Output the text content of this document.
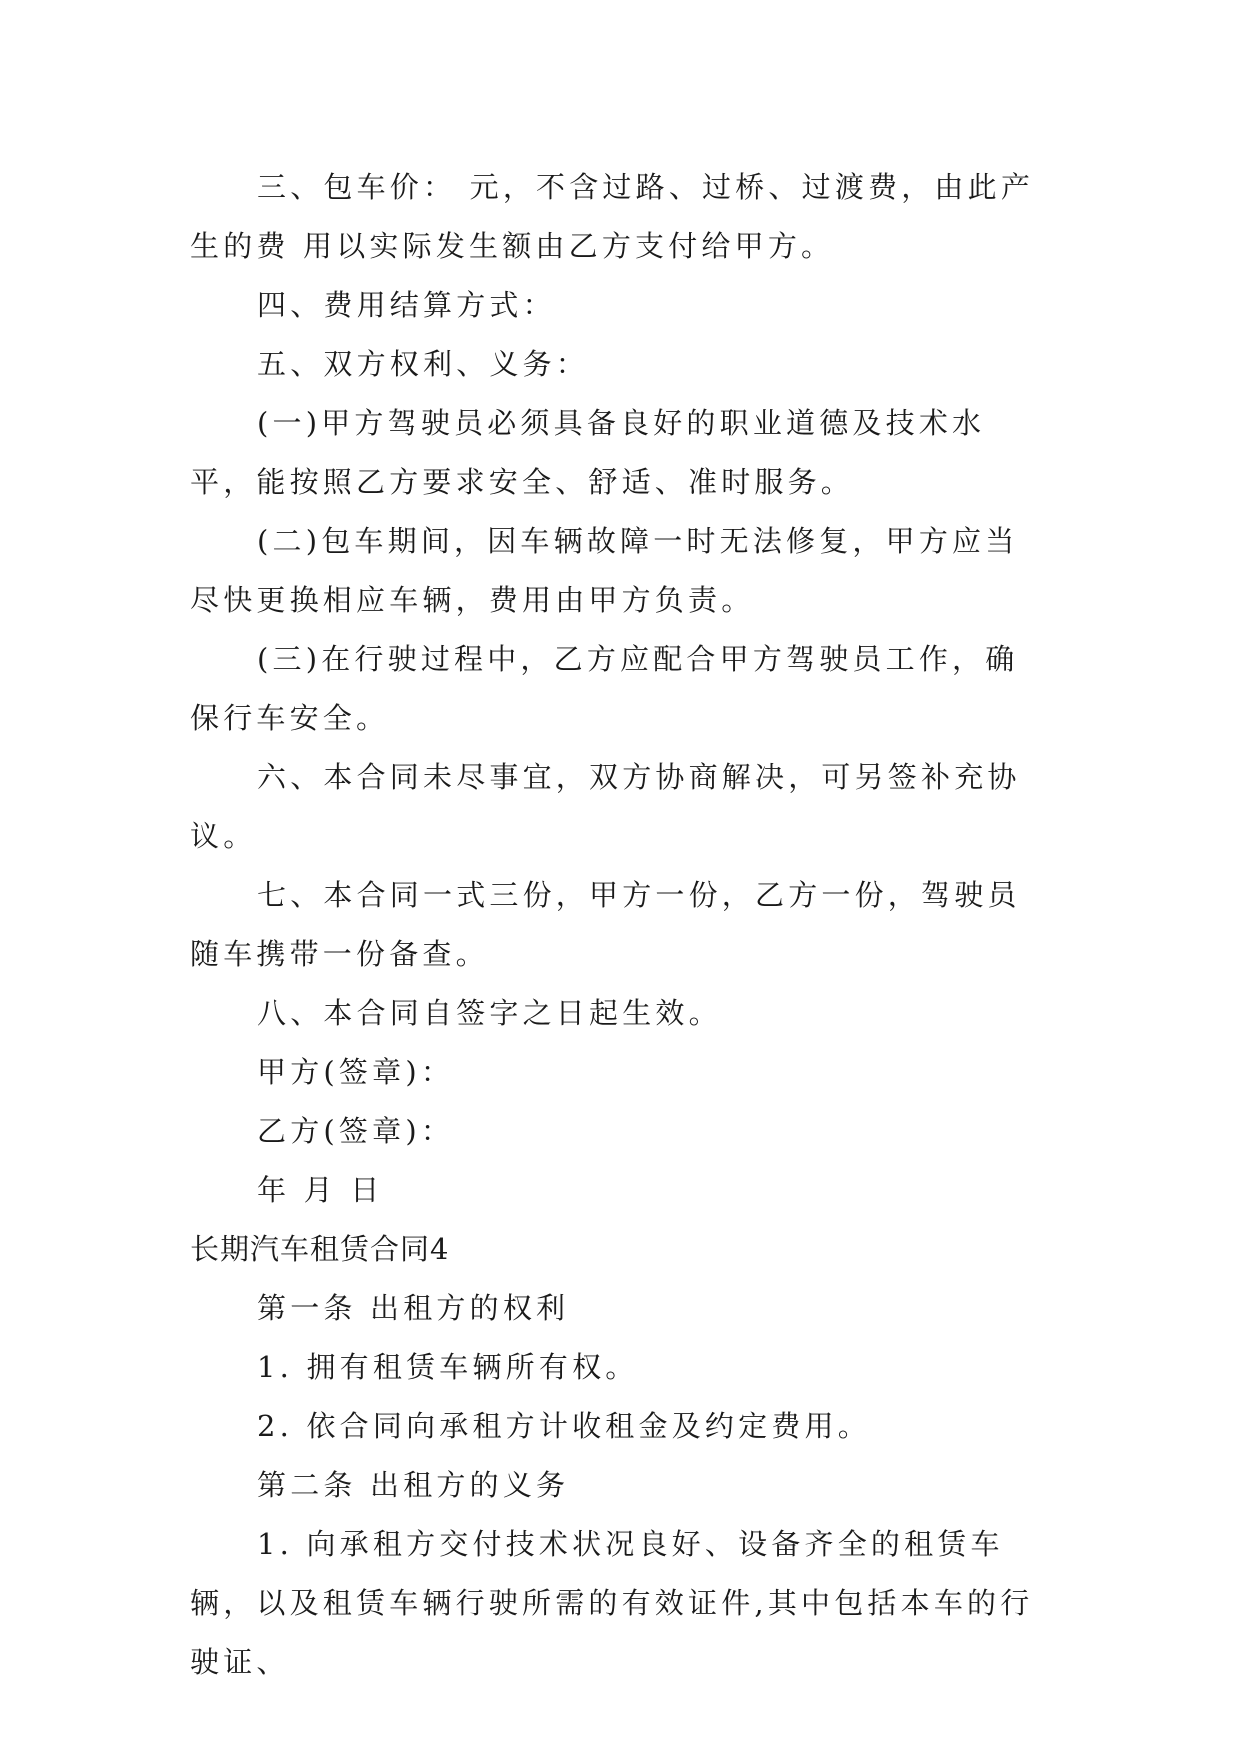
三、包车价： 元，不含过路、过桥、过渡费，由此产生的费 用以实际发生额由乙方支付给甲方。

四、费用结算方式：

五、双方权利、义务：

(一)甲方驾驶员必须具备良好的职业道德及技术水平，能按照乙方要求安全、舒适、准时服务。

(二)包车期间，因车辆故障一时无法修复，甲方应当尽快更换相应车辆，费用由甲方负责。

(三)在行驶过程中，乙方应配合甲方驾驶员工作，确保行车安全。

六、本合同未尽事宜，双方协商解决，可另签补充协议。

七、本合同一式三份，甲方一份，乙方一份，驾驶员随车携带一份备查。

八、本合同自签字之日起生效。

甲方(签章)：

乙方(签章)：

年 月 日

长期汽车租赁合同4

第一条 出租方的权利

1. 拥有租赁车辆所有权。

2. 依合同向承租方计收租金及约定费用。

第二条 出租方的义务

1. 向承租方交付技术状况良好、设备齐全的租赁车辆，以及租赁车辆行驶所需的有效证件,其中包括本车的行驶证、
